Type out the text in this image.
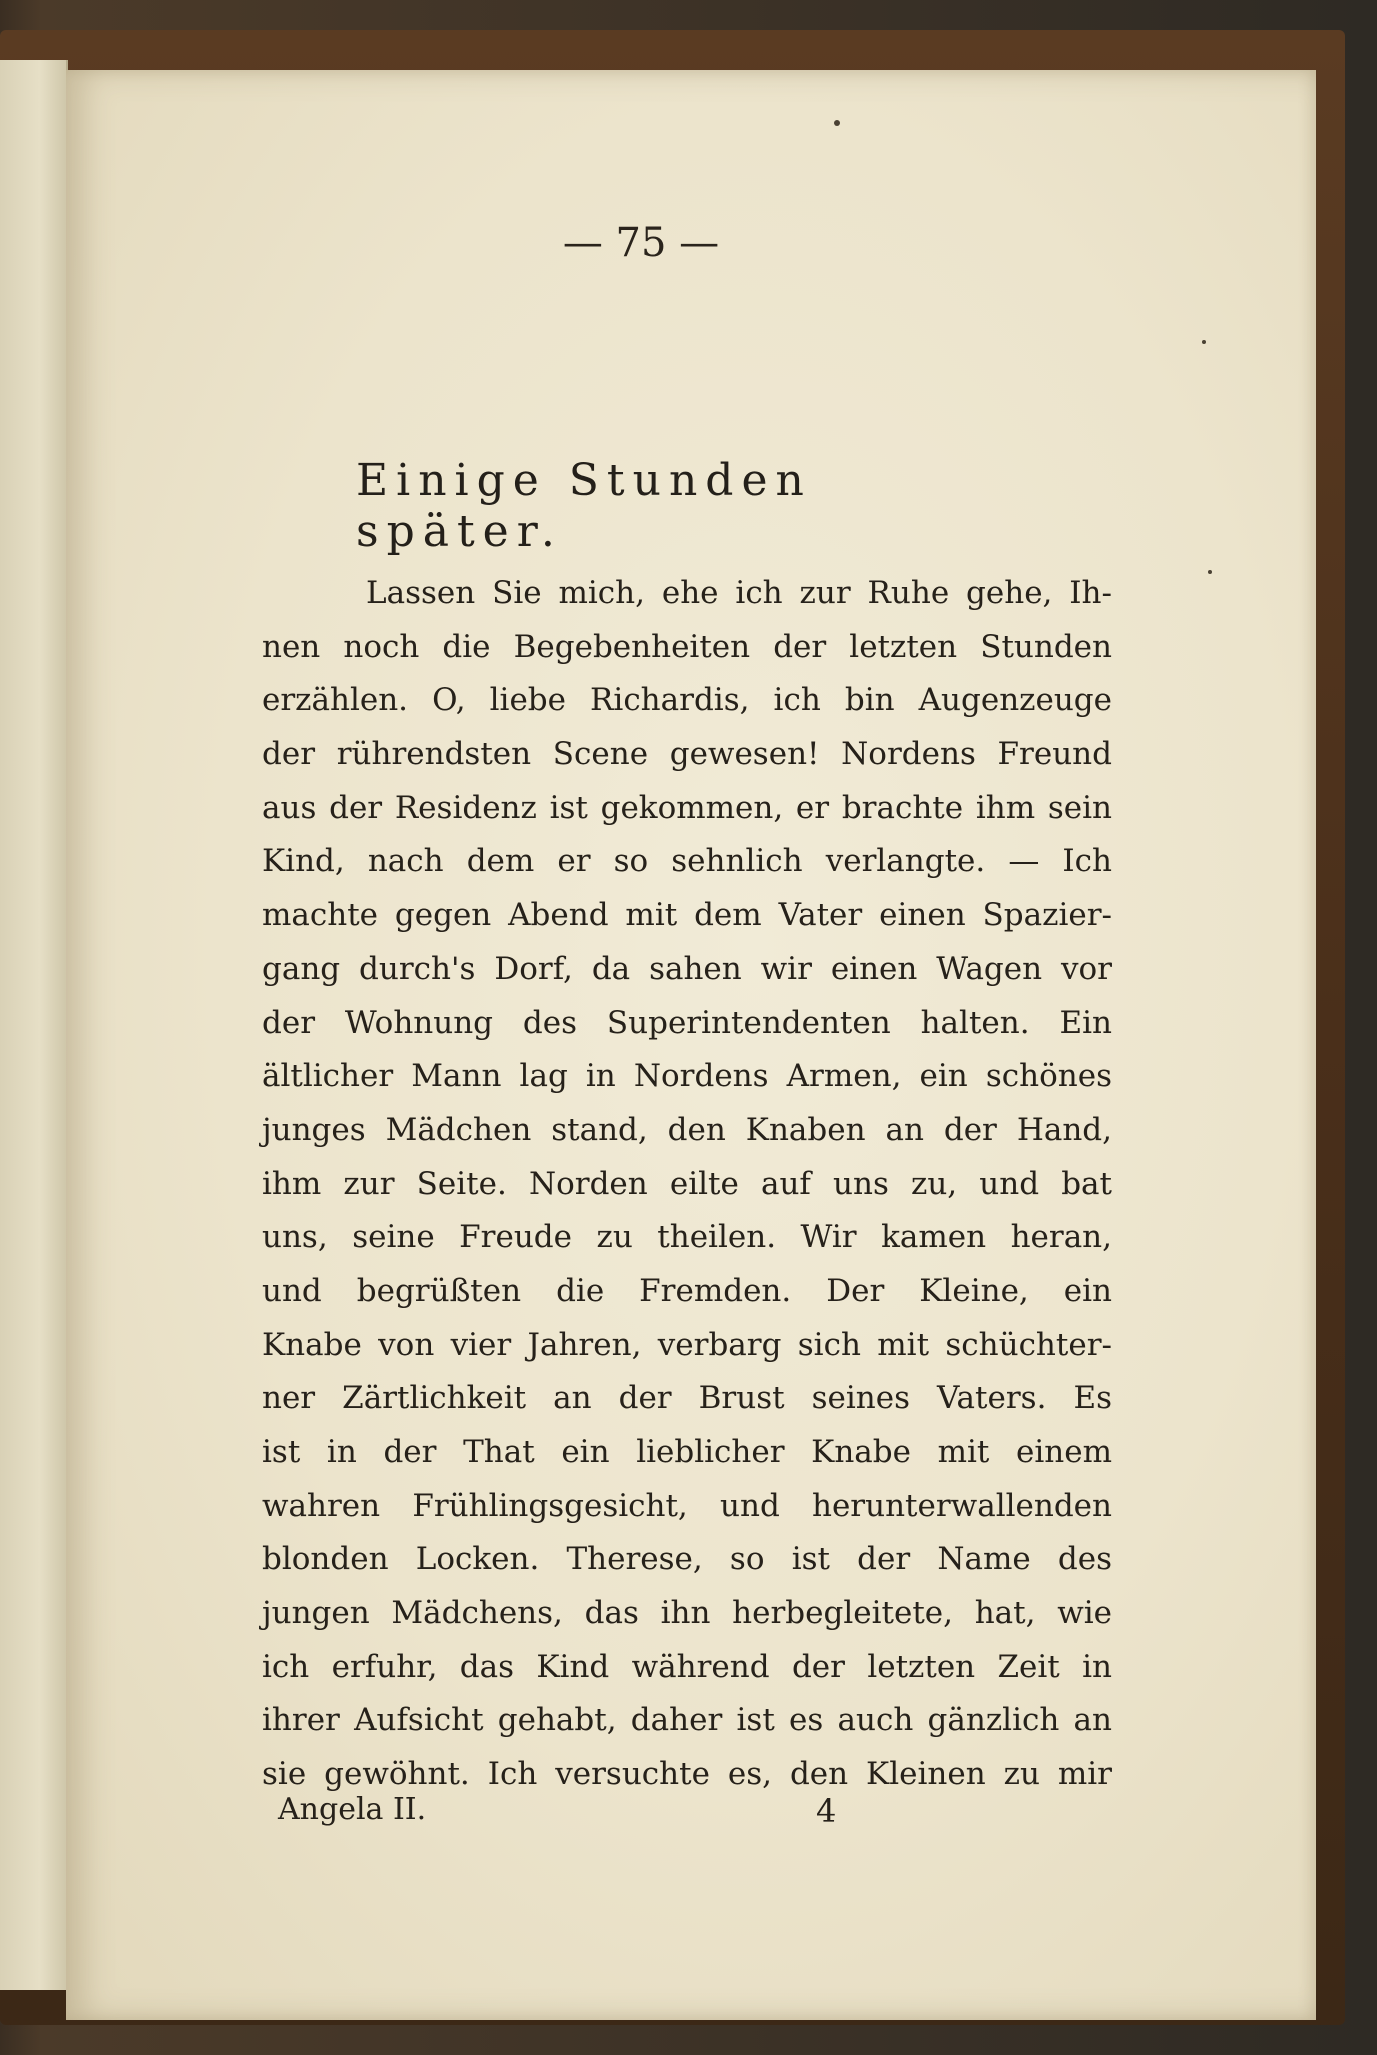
— 75 —
Einige Stunden später.
Lassen Sie mich, ehe ich zur Ruhe gehe, Ih-
nen noch die Begebenheiten der letzten Stunden
erzählen. O, liebe Richardis, ich bin Augenzeuge
der rührendsten Scene gewesen! Nordens Freund
aus der Residenz ist gekommen, er brachte ihm sein
Kind, nach dem er so sehnlich verlangte. — Ich
machte gegen Abend mit dem Vater einen Spazier-
gang durch's Dorf, da sahen wir einen Wagen vor
der Wohnung des Superintendenten halten. Ein
ältlicher Mann lag in Nordens Armen, ein schönes
junges Mädchen stand, den Knaben an der Hand,
ihm zur Seite. Norden eilte auf uns zu, und bat
uns, seine Freude zu theilen. Wir kamen heran,
und begrüßten die Fremden. Der Kleine, ein
Knabe von vier Jahren, verbarg sich mit schüchter-
ner Zärtlichkeit an der Brust seines Vaters. Es
ist in der That ein lieblicher Knabe mit einem
wahren Frühlingsgesicht, und herunterwallenden
blonden Locken. Therese, so ist der Name des
jungen Mädchens, das ihn herbegleitete, hat, wie
ich erfuhr, das Kind während der letzten Zeit in
ihrer Aufsicht gehabt, daher ist es auch gänzlich an
sie gewöhnt. Ich versuchte es, den Kleinen zu mir
Angela II.	4
